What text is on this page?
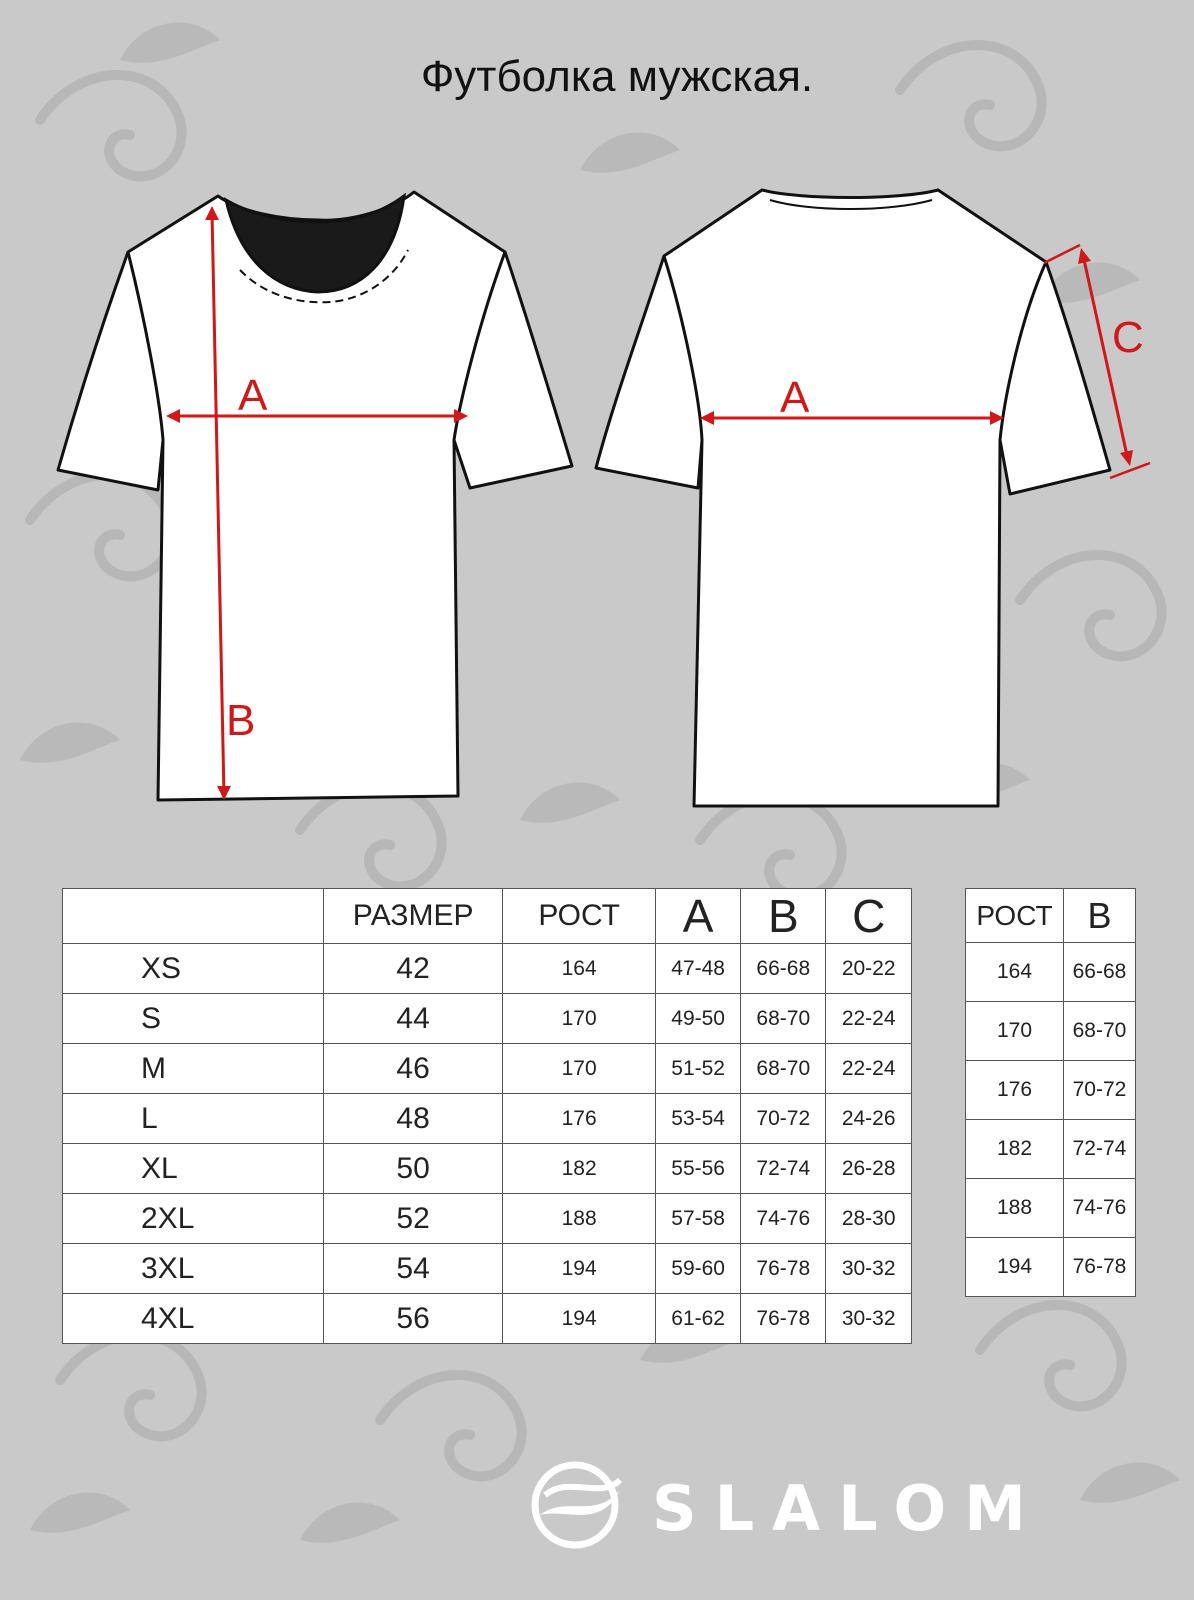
Футболка мужская.
A
B
A
C
	РАЗМЕР	РОСТ	A	B	C
XS	42	164	47-48	66-68	20-22
S	44	170	49-50	68-70	22-24
M	46	170	51-52	68-70	22-24
L	48	176	53-54	70-72	24-26
XL	50	182	55-56	72-74	26-28
2XL	52	188	57-58	74-76	28-30
3XL	54	194	59-60	76-78	30-32
4XL	56	194	61-62	76-78	30-32
РОСТ	B
164	66-68
170	68-70
176	70-72
182	72-74
188	74-76
194	76-78
SLALOM
